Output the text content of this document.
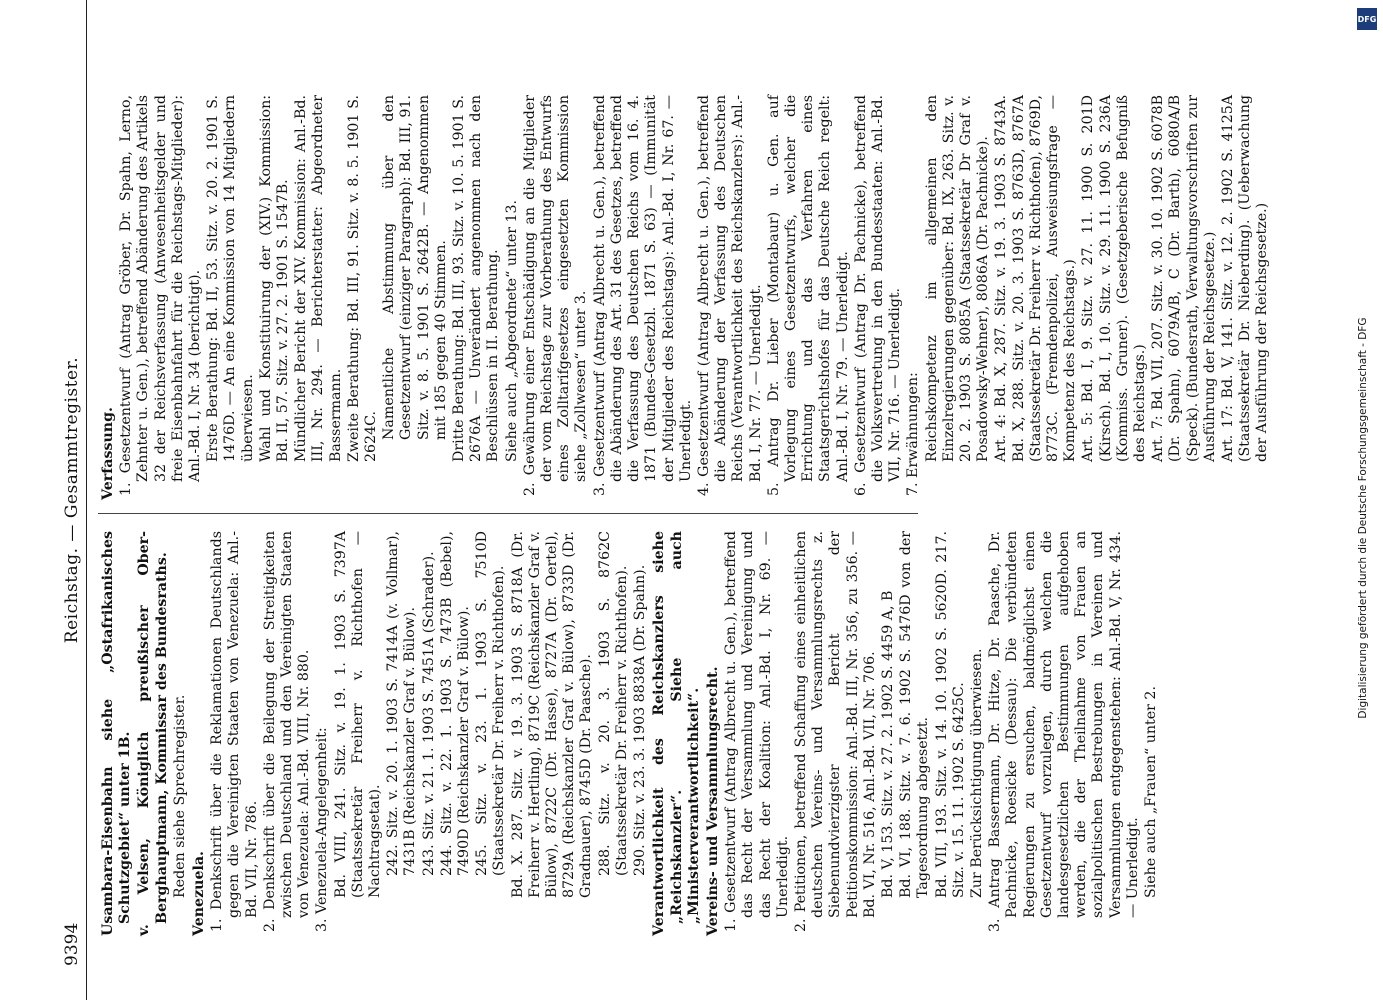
9394
Reichstag. — Gesammtregister.

Usambara-Eisenbahn siehe „Ostafrikanisches Schutzgebiet“ unter 1B. v. Velsen, Königlich preußischer Ober-Berghauptmann, Kommissar des Bundesraths. Reden siehe Sprechregister. Venezuela. 1. Denkschrift über die Reklamationen Deutschlands gegen die Vereinigten Staaten von Venezuela: Anl.-Bd. VII, Nr. 786. 2. Denkschrift über die Beilegung der Streitigkeiten zwischen Deutschland und den Vereinigten Staaten von Venezuela: Anl.-Bd. VIII, Nr. 880. 3. Venezuela-Angelegenheit: Bd. VIII, 241. Sitz. v. 19. 1. 1903 S. 7397A (Staatssekretär Freiherr v. Richthofen — Nachtragsetat). 242. Sitz. v. 20. 1. 1903 S. 7414A (v. Vollmar), 7431B (Reichskanzler Graf v. Bülow). 243. Sitz. v. 21. 1. 1903 S. 7451A (Schrader). 244. Sitz. v. 22. 1. 1903 S. 7473B (Bebel), 7490D (Reichskanzler Graf v. Bülow). 245. Sitz. v. 23. 1. 1903 S. 7510D (Staatssekretär Dr. Freiherr v. Richthofen). Bd. X. 287. Sitz. v. 19. 3. 1903 S. 8718A (Dr. Freiherr v. Hertling), 8719C (Reichskanzler Graf v. Bülow), 8722C (Dr. Hasse), 8727A (Dr. Oertel), 8729A (Reichskanzler Graf v. Bülow), 8733D (Dr. Gradnauer), 8745D (Dr. Paasche). 288. Sitz. v. 20. 3. 1903 S. 8762C (Staatssekretär Dr. Freiherr v. Richthofen). 290. Sitz. v. 23. 3. 1903 8838A (Dr. Spahn). Verantwortlichkeit des Reichskanzlers siehe „Reichskanzler“. Siehe auch „Ministerverantwortlichkeit“. Vereins- und Versammlungsrecht. 1. Gesetzentwurf (Antrag Albrecht u. Gen.), betreffend das Recht der Versammlung und Vereinigung und das Recht der Koalition: Anl.-Bd. I, Nr. 69. — Unerledigt. 2. Petitionen, betreffend Schaffung eines einheitlichen deutschen Vereins- und Versammlungsrechts z. Siebenundvierzigster Bericht der Petitionskommission: Anl.-Bd. III, Nr. 356, zu 356. — Bd. VI, Nr. 516, Anl.-Bd. VII, Nr. 706. Bd. V, 153. Sitz. v. 27. 2. 1902 S. 4459 A, B Bd. VI, 188. Sitz. v. 7. 6. 1902 S. 5476D von der Tagesordnung abgesetzt. Bd. VII, 193. Sitz. v. 14. 10. 1902 S. 5620D. 217. Sitz. v. 15. 11. 1902 S. 6425C. Zur Berücksichtigung überwiesen. 3. Antrag Bassermann, Dr. Hitze, Dr. Paasche, Dr. Pachnicke, Roesicke (Dessau): Die verbündeten Regierungen zu ersuchen, baldmöglichst einen Gesetzentwurf vorzulegen, durch welchen die landesgesetzlichen Bestimmungen aufgehoben werden, die der Theilnahme von Frauen an sozialpolitischen Bestrebungen in Vereinen und Versammlungen entgegenstehen: Anl.-Bd. V, Nr. 434. — Unerledigt. Siehe auch „Frauen“ unter 2.

Verfassung. 1. Gesetzentwurf (Antrag Gröber, Dr. Spahn, Lerno, Zehnter u. Gen.), betreffend Abänderung des Artikels 32 der Reichsverfassung (Anwesenheitsgelder und freie Eisenbahnfahrt für die Reichstags-Mitglieder): Anl.-Bd. I, Nr. 34 (berichtigt). Erste Berathung: Bd. II, 53. Sitz. v. 20. 2. 1901 S. 1476D. — An eine Kommission von 14 Mitgliedern überwiesen. Wahl und Konstituirung der (XIV.) Kommission: Bd. II, 57. Sitz. v. 27. 2. 1901 S. 1547B. Mündlicher Bericht der XIV. Kommission: Anl.-Bd. III, Nr. 294. — Berichterstatter: Abgeordneter Bassermann. Zweite Berathung: Bd. III, 91. Sitz. v. 8. 5. 1901 S. 2624C. Namentliche Abstimmung über den Gesetzentwurf (einziger Paragraph): Bd. III, 91. Sitz. v. 8. 5. 1901 S. 2642B. — Angenommen mit 185 gegen 40 Stimmen. Dritte Berathung: Bd. III, 93. Sitz. v. 10. 5. 1901 S. 2676A — Unverändert angenommen nach den Beschlüssen in II. Berathung. Siehe auch „Abgeordnete“ unter 13. 2. Gewährung einer Entschädigung an die Mitglieder der vom Reichstage zur Vorberathung des Entwurfs eines Zolltarifgesetzes eingesetzten Kommission siehe „Zollwesen“ unter 3. 3. Gesetzentwurf (Antrag Albrecht u. Gen.), betreffend die Abänderung des Art. 31 des Gesetzes, betreffend die Verfassung des Deutschen Reichs vom 16. 4. 1871 (Bundes-Gesetzbl. 1871 S. 63) — (Immunität der Mitglieder des Reichstags): Anl.-Bd. I, Nr. 67. — Unerledigt. 4. Gesetzentwurf (Antrag Albrecht u. Gen.), betreffend die Abänderung der Verfassung des Deutschen Reichs (Verantwortlichkeit des Reichskanzlers): Anl.-Bd. I, Nr. 77. — Unerledigt. 5. Antrag Dr. Lieber (Montabaur) u. Gen. auf Vorlegung eines Gesetzentwurfs, welcher die Errichtung und das Verfahren eines Staatsgerichtshofes für das Deutsche Reich regelt: Anl.-Bd. I, Nr. 79. — Unerledigt. 6. Gesetzentwurf (Antrag Dr. Pachnicke), betreffend die Volksvertretung in den Bundesstaaten: Anl.-Bd. VII, Nr. 716. — Unerledigt. 7. Erwähnungen: Reichskompetenz im allgemeinen den Einzelregierungen gegenüber: Bd. IX, 263. Sitz. v. 20. 2. 1903 S. 8085A (Staatssekretär Dr Graf v. Posadowsky-Wehner), 8086A (Dr. Pachnicke). Art. 4: Bd. X, 287. Sitz. v. 19. 3. 1903 S. 8743A. Bd. X, 288. Sitz. v. 20. 3. 1903 S. 8763D, 8767A (Staatssekretär Dr. Freiherr v. Richthofen), 8769D, 8773C. (Fremdenpolizei, Ausweisungsfrage — Kompetenz des Reichstags.) Art. 5: Bd. I, 9. Sitz. v. 27. 11. 1900 S. 201D (Kirsch). Bd. I, 10. Sitz. v. 29. 11. 1900 S. 236A (Kommiss. Gruner). (Gesetzgeberische Befugniß des Reichstags.) Art. 7: Bd. VII, 207. Sitz. v. 30. 10. 1902 S. 6078B (Dr. Spahn), 6079A/B, C (Dr. Barth), 6080A/B (Speck). (Bundesrath, Verwaltungsvorschriften zur Ausführung der Reichsgesetze.) Art. 17: Bd. V, 141. Sitz. v. 12. 2. 1902 S. 4125A (Staatssekretär Dr. Nieberding). (Ueberwachung der Ausführung der Reichsgesetze.)

DFG
Digitalisierung gefördert durch die Deutsche Forschungsgemeinschaft - DFG
